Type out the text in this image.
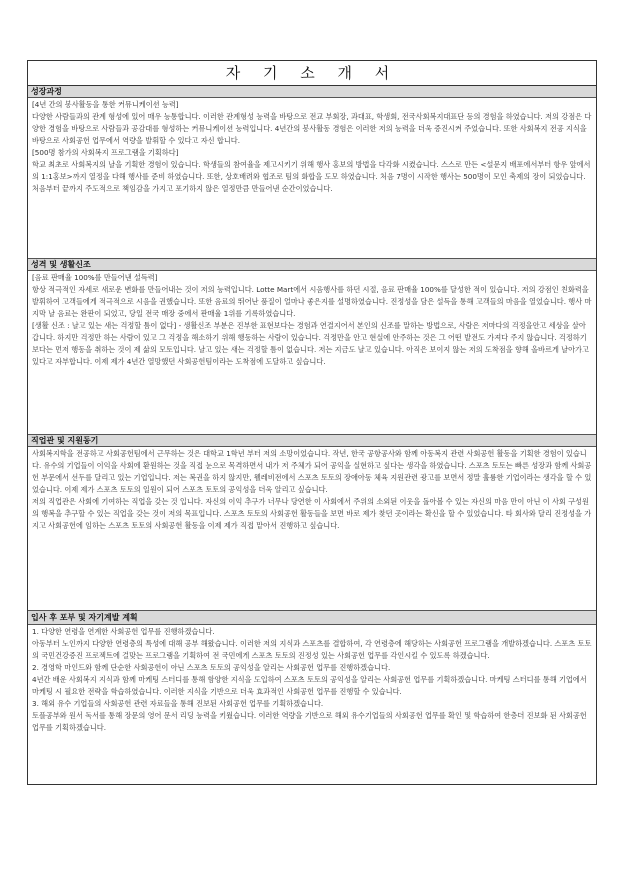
자 기 소 개 서
성장과정

[4년 간의 봉사활동을 통한 커뮤니케이션 능력]

다양한 사람들과의 관계 형성에 있어 매우 능통합니다. 이러한 관계형성 능력을 바탕으로 전교 부회장, 과대표, 학생회, 전국사회복지대표단 등의 경험을 하였습니다. 저의 강점은 다양한 경험을 바탕으로 사람들과 공감대를 형성하는 커뮤니케이션 능력입니다. 4년간의 봉사활동 경험은 이러한 저의 능력을 더욱 증진시켜 주었습니다. 또한 사회복지 전공 지식을 바탕으로 사회공헌 업무에서 역량을 발휘할 수 있다고 자신 합니다.

[500명 참가의 사회복지 프로그램을 기획하다]

학교 최초로 사회복지의 날을 기획한 경험이 있습니다. 학생들의 참여율을 제고시키기 위해 행사 홍보의 방법을 다각화 시켰습니다. 스스로 만든 <설문지 배포에서부터 항우 앞에서의 1:1홍보>까지 열정을 다해 행사를 준비 하였습니다. 또한, 상호배려와 협조로 팀의 화합을 도모 하였습니다. 처음 7명이 시작한 행사는 500명이 모인 축제의 장이 되었습니다. 처음부터 끝까지 주도적으로 책임감을 가지고 포기하지 않은 열정만큼 만들어낸 순간이었습니다.

성격 및 생활신조

[음료 판매율 100%를 만들어낸 설득력]

항상 적극적인 자세로 새로운 변화를 만들어내는 것이 저의 능력입니다. Lotte Mart에서 시음행사를 하던 시절, 음료 판매율 100%를 달성한 적이 있습니다. 저의 강점인 친화력을 발휘하여 고객들에게 적극적으로 시음을 권했습니다. 또한 음료의 뛰어난 품질이 얼마나 좋은지를 설명하였습니다. 진정성을 담은 설득을 통해 고객들의 마음을 열었습니다. 행사 마지막 날 음료는 완판이 되었고, 당일 전국 매장 중에서 판매율 1위를 기록하였습니다.

[생활 신조 : 날고 있는 새는 걱정할 틈이 없다] - 생활신조 부분은 진부한 표현보다는 경험과 연결지어서 본인의 신조를 말하는 방법으로, 사람은 저마다의 걱정을안고 세상을 살아갑니다. 하지만 걱정만 하는 사람이 있고 그 걱정을 해소하기 위해 행동하는 사람이 있습니다. 걱정만을 안고 현실에 안주하는 것은 그 어떤 발전도 가져다 주지 않습니다. 걱정하기 보다는 먼저 행동을 취하는 것이 제 삶의 모토입니다. 날고 있는 새는 걱정할 틈이 없습니다. 저는 지금도 날고 있습니다. 아직은 보이지 않는 저의 도착점을 향해 올바르게 날아가고 있다고 자부합니다. 이제 제가 4년간 열망했던 사회공헌팀이라는 도착점에 도달하고 싶습니다.

직업관 및 지원동기

사회복지학을 전공하고 사회공헌팀에서 근무하는 것은 대학교 1학년 부터 저의 소망이었습니다. 작년, 한국 공항공사와 함께 아동복지 관련 사회공헌 활동을 기획한 경험이 있습니다. 유수의 기업들이 이익을 사회에 환원하는 것을 직접 눈으로 목격하면서 내가 저 주체가 되어 공익을 실현하고 싶다는 생각을 하였습니다. 스포츠 토토는 빠른 성장과 함께 사회공헌 부문에서 선두를 달리고 있는 기업입니다. 저는 복권을 하지 않지만, 웰레비전에서 스포츠 토토의 장애아동 체육 지원관련 광고를 보면서 정말 훌륭한 기업이라는 생각을 할 수 있었습니다. 이제 제가 스포츠 토토의 일원이 되어 스포츠 토토의 공익성을 더욱 알리고 싶습니다.

저의 직업관은 사회에 기여하는 직업을 갖는 것 입니다. 자신의 이익 추구가 너무나 당연한 이 사회에서 주위의 소외된 이웃을 돌아볼 수 있는 자신의 마음 만이 아닌 이 사회 구성원의 행복을 추구할 수 있는 직업을 갖는 것이 저의 목표입니다. 스포츠 토토의 사회공헌 활동들을 보면 바로 제가 찾던 곳이라는 확신을 할 수 있었습니다. 타 회사와 달리 진정성을 가지고 사회공헌에 임하는 스포츠 토토의 사회공헌 활동을 이제 제가 직접 맡아서 진행하고 싶습니다.

입사 후 포부 및 자기계발 계획

1. 다양한 연령을 연계한 사회공헌 업무를 진행하겠습니다.

아동부터 노인까지 다양한 연령층의 특성에 대해 공부 해왔습니다. 이러한 저의 지식과 스포츠를 결합하여, 각 연령층에 해당하는 사회공헌 프로그램을 개발하겠습니다. 스포츠 토토의 국민건강증진 프로젝트에 걸맞는 프로그램을 기획하여 전 국민에게 스포츠 토토의 진정성 있는 사회공헌 업무를 각인시킬 수 있도록 하겠습니다.

2. 경영학 마인드와 함께 단순한 사회공헌이 아닌 스포츠 토토의 공익성을 알리는 사회공헌 업무를 진행하겠습니다.

4년간 배운 사회복지 지식과 함께 마케팅 스터디를 통해 함양한 지식을 도입하여 스포츠 토토의 공익성을 알리는 사회공헌 업무를 기획하겠습니다. 마케팅 스터디를 통해 기업에서 마케팅 시 필요한 전략을 학습하였습니다. 이러한 지식을 기반으로 더욱 효과적인 사회공헌 업무를 진행할 수 있습니다.

3. 해외 유수 기업들의 사회공헌 관련 자료들을 통해 진보된 사회공헌 업무를 기획하겠습니다.

토플공부와 원서 독서를 통해 장문의 영어 문서 리딩 능력을 키웠습니다. 이러한 역량을 기반으로 해외 유수기업들의 사회공헌 업무를 확인 및 학습하여 한층더 진보화 된 사회공헌 업무를 기획하겠습니다.
